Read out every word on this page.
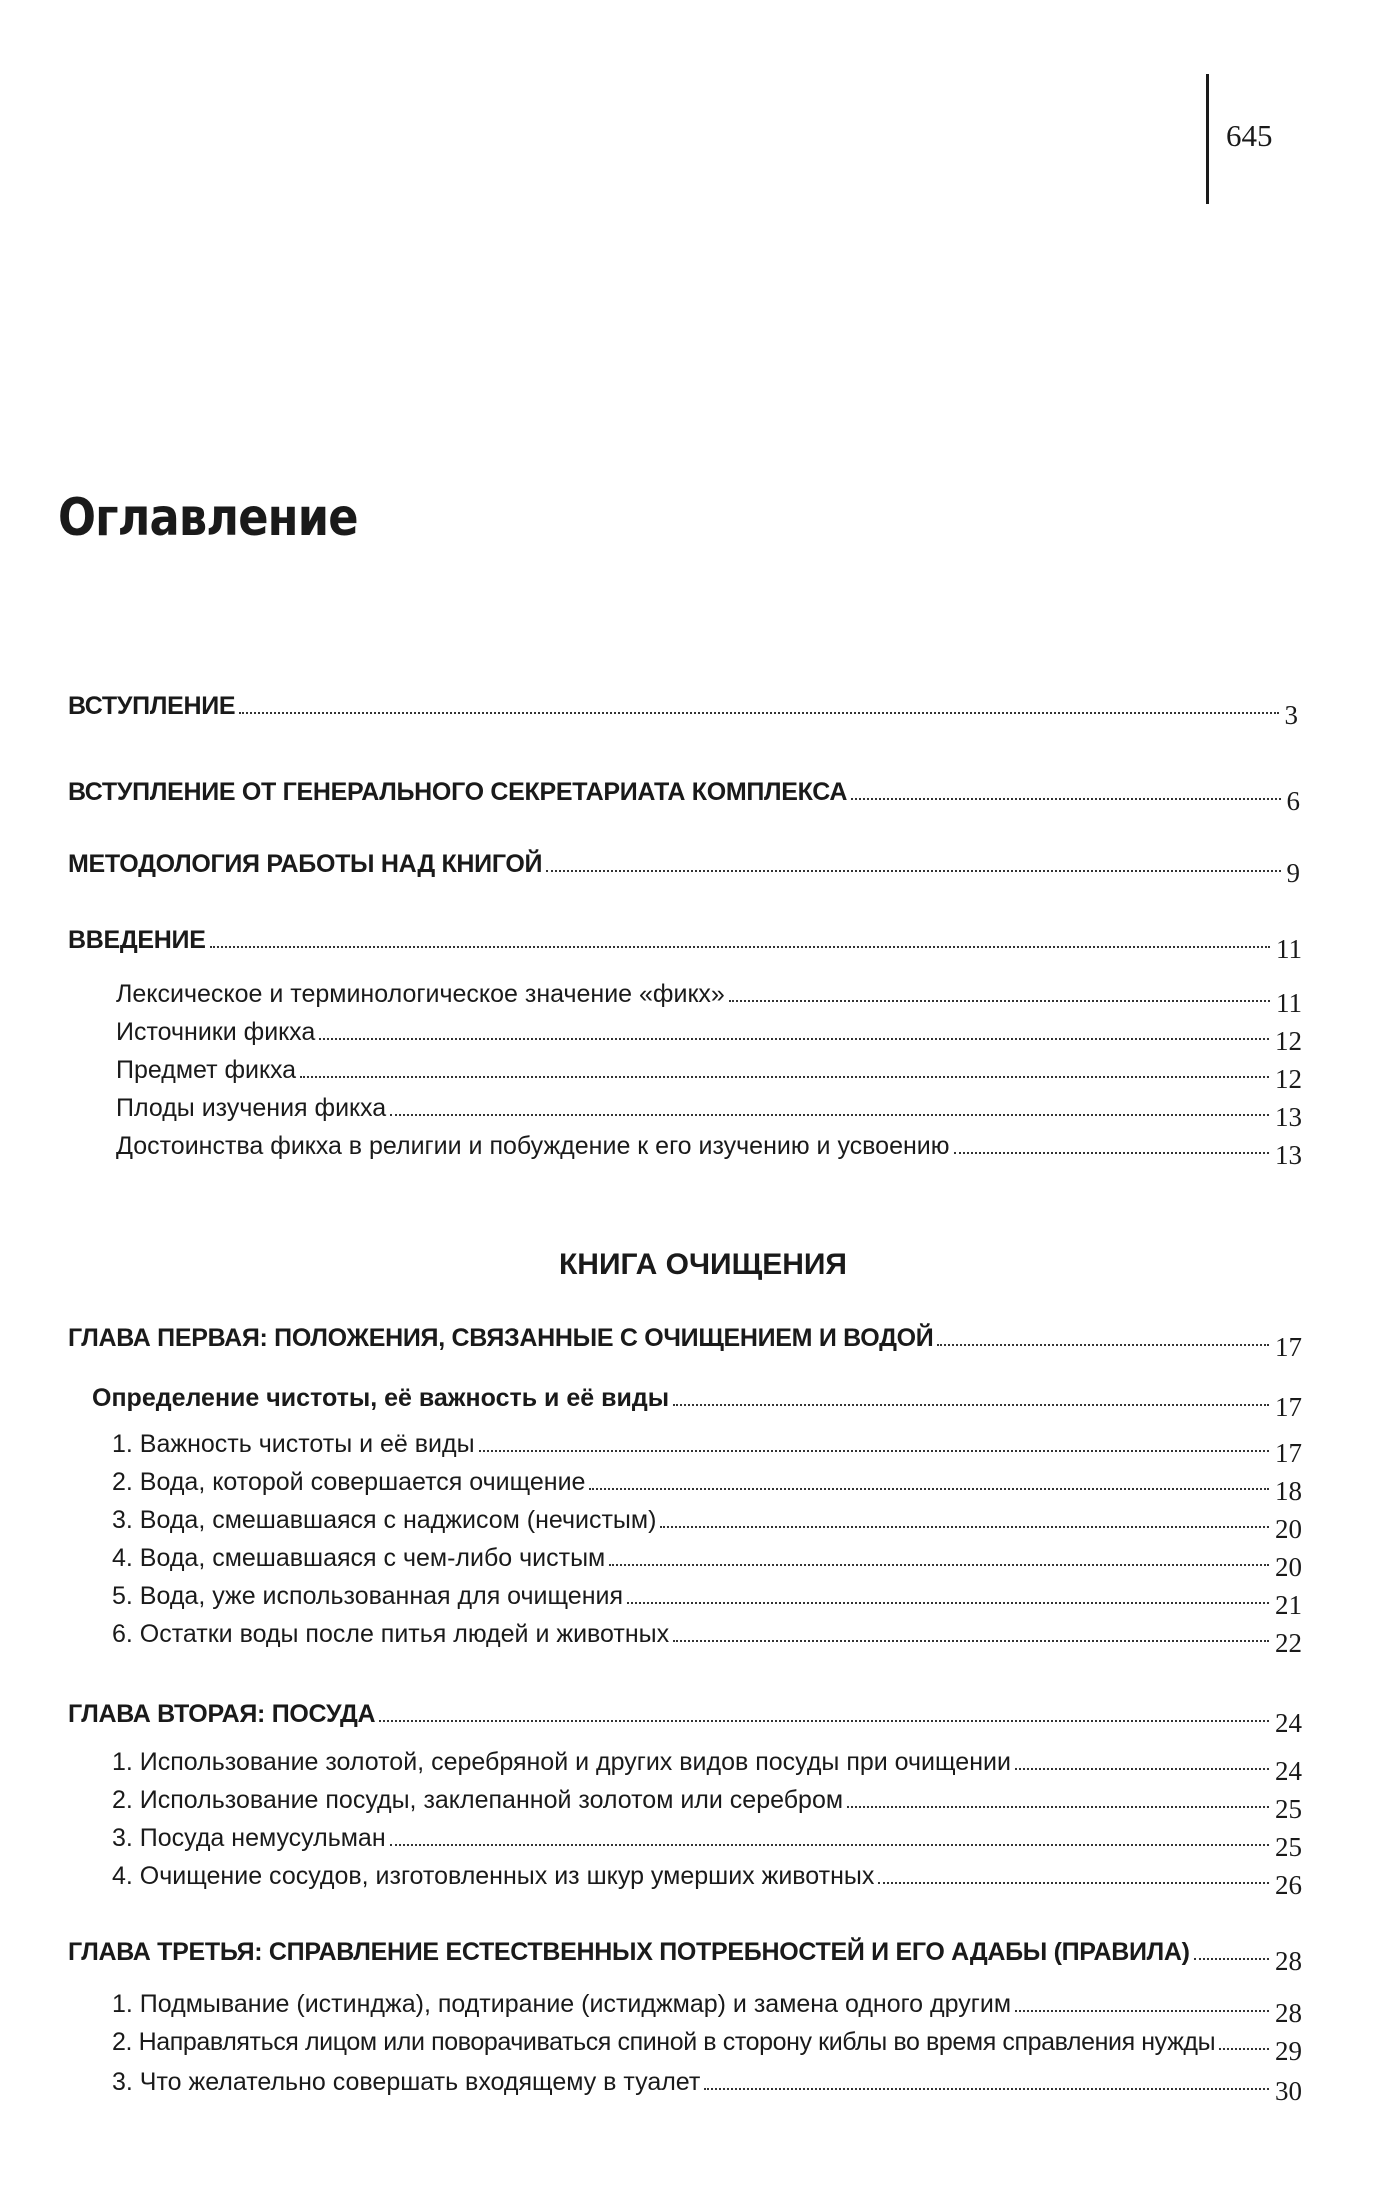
645
Оглавление
ВСТУПЛЕНИЕ	3
ВСТУПЛЕНИЕ ОТ ГЕНЕРАЛЬНОГО СЕКРЕТАРИАТА КОМПЛЕКСА	6
МЕТОДОЛОГИЯ РАБОТЫ НАД КНИГОЙ	9
ВВЕДЕНИЕ	11
Лексическое и терминологическое значение «фикх»	11
Источники фикха	12
Предмет фикха	12
Плоды изучения фикха	13
Достоинства фикха в религии и побуждение к его изучению и усвоению	13
КНИГА ОЧИЩЕНИЯ
ГЛАВА ПЕРВАЯ: ПОЛОЖЕНИЯ, СВЯЗАННЫЕ С ОЧИЩЕНИЕМ И ВОДОЙ	17
Определение чистоты, её важность и её виды	17
1. Важность чистоты и её виды	17
2. Вода, которой совершается очищение	18
3. Вода, смешавшаяся с наджисом (нечистым)	20
4. Вода, смешавшаяся с чем-либо чистым	20
5. Вода, уже использованная для очищения	21
6. Остатки воды после питья людей и животных	22
ГЛАВА ВТОРАЯ: ПОСУДА	24
1. Использование золотой, серебряной и других видов посуды при очищении	24
2. Использование посуды, заклепанной золотом или серебром	25
3. Посуда немусульман	25
4. Очищение сосудов, изготовленных из шкур умерших животных	26
ГЛАВА ТРЕТЬЯ: СПРАВЛЕНИЕ ЕСТЕСТВЕННЫХ ПОТРЕБНОСТЕЙ И ЕГО АДАБЫ (ПРАВИЛА)	28
1. Подмывание (истинджа), подтирание (истиджмар) и замена одного другим	28
2. Направляться лицом или поворачиваться спиной в сторону киблы во время справления нужды 29
3. Что желательно совершать входящему в туалет	30
